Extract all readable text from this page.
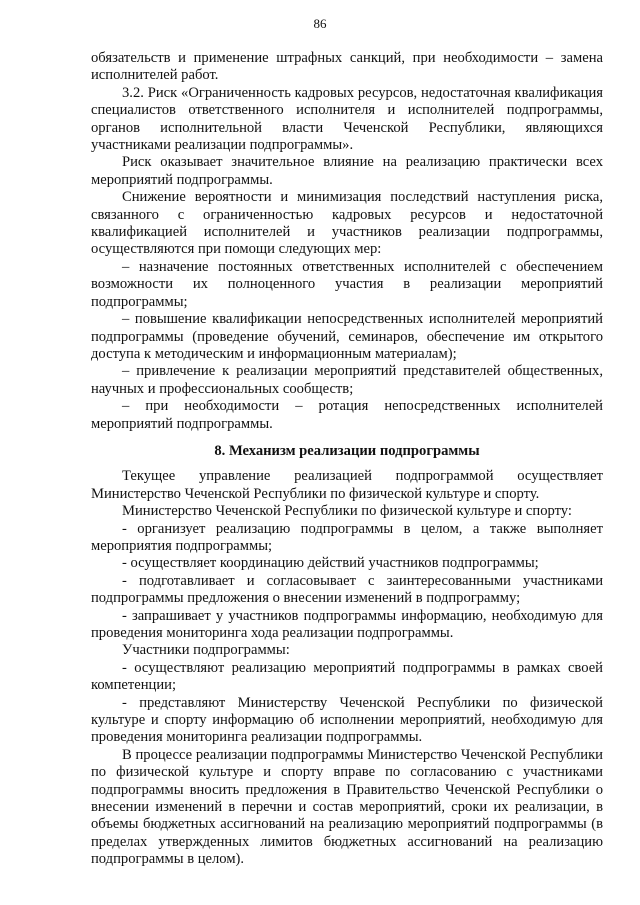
86

обязательств и применение штрафных санкций, при необходимости – замена исполнителей работ.

3.2. Риск «Ограниченность кадровых ресурсов, недостаточная квалификация специалистов ответственного исполнителя и исполнителей подпрограммы, органов исполнительной власти Чеченской Республики, являющихся участниками реализации подпрограммы».

Риск оказывает значительное влияние на реализацию практически всех мероприятий подпрограммы.

Снижение вероятности и минимизация последствий наступления риска, связанного с ограниченностью кадровых ресурсов и недостаточной квалификацией исполнителей и участников реализации подпрограммы, осуществляются при помощи следующих мер:

– назначение постоянных ответственных исполнителей с обеспечением возможности их полноценного участия в реализации мероприятий подпрограммы;

– повышение квалификации непосредственных исполнителей мероприятий подпрограммы (проведение обучений, семинаров, обеспечение им открытого доступа к методическим и информационным материалам);

– привлечение к реализации мероприятий представителей общественных, научных и профессиональных сообществ;

– при необходимости – ротация непосредственных исполнителей мероприятий подпрограммы.

8. Механизм реализации подпрограммы

Текущее управление реализацией подпрограммой осуществляет Министерство Чеченской Республики по физической культуре и спорту.

Министерство Чеченской Республики по физической культуре и спорту:

- организует реализацию подпрограммы в целом, а также выполняет мероприятия подпрограммы;

- осуществляет координацию действий участников подпрограммы;

- подготавливает и согласовывает с заинтересованными участниками подпрограммы предложения о внесении изменений в подпрограмму;

- запрашивает у участников подпрограммы информацию, необходимую для проведения мониторинга хода реализации подпрограммы.

Участники подпрограммы:

- осуществляют реализацию мероприятий подпрограммы в рамках своей компетенции;

- представляют Министерству Чеченской Республики по физической культуре и спорту информацию об исполнении мероприятий, необходимую для проведения мониторинга реализации подпрограммы.

В процессе реализации подпрограммы Министерство Чеченской Республики по физической культуре и спорту вправе по согласованию с участниками подпрограммы вносить предложения в Правительство Чеченской Республики о внесении изменений в перечни и состав мероприятий, сроки их реализации, в объемы бюджетных ассигнований на реализацию мероприятий подпрограммы (в пределах утвержденных лимитов бюджетных ассигнований на реализацию подпрограммы в целом).
